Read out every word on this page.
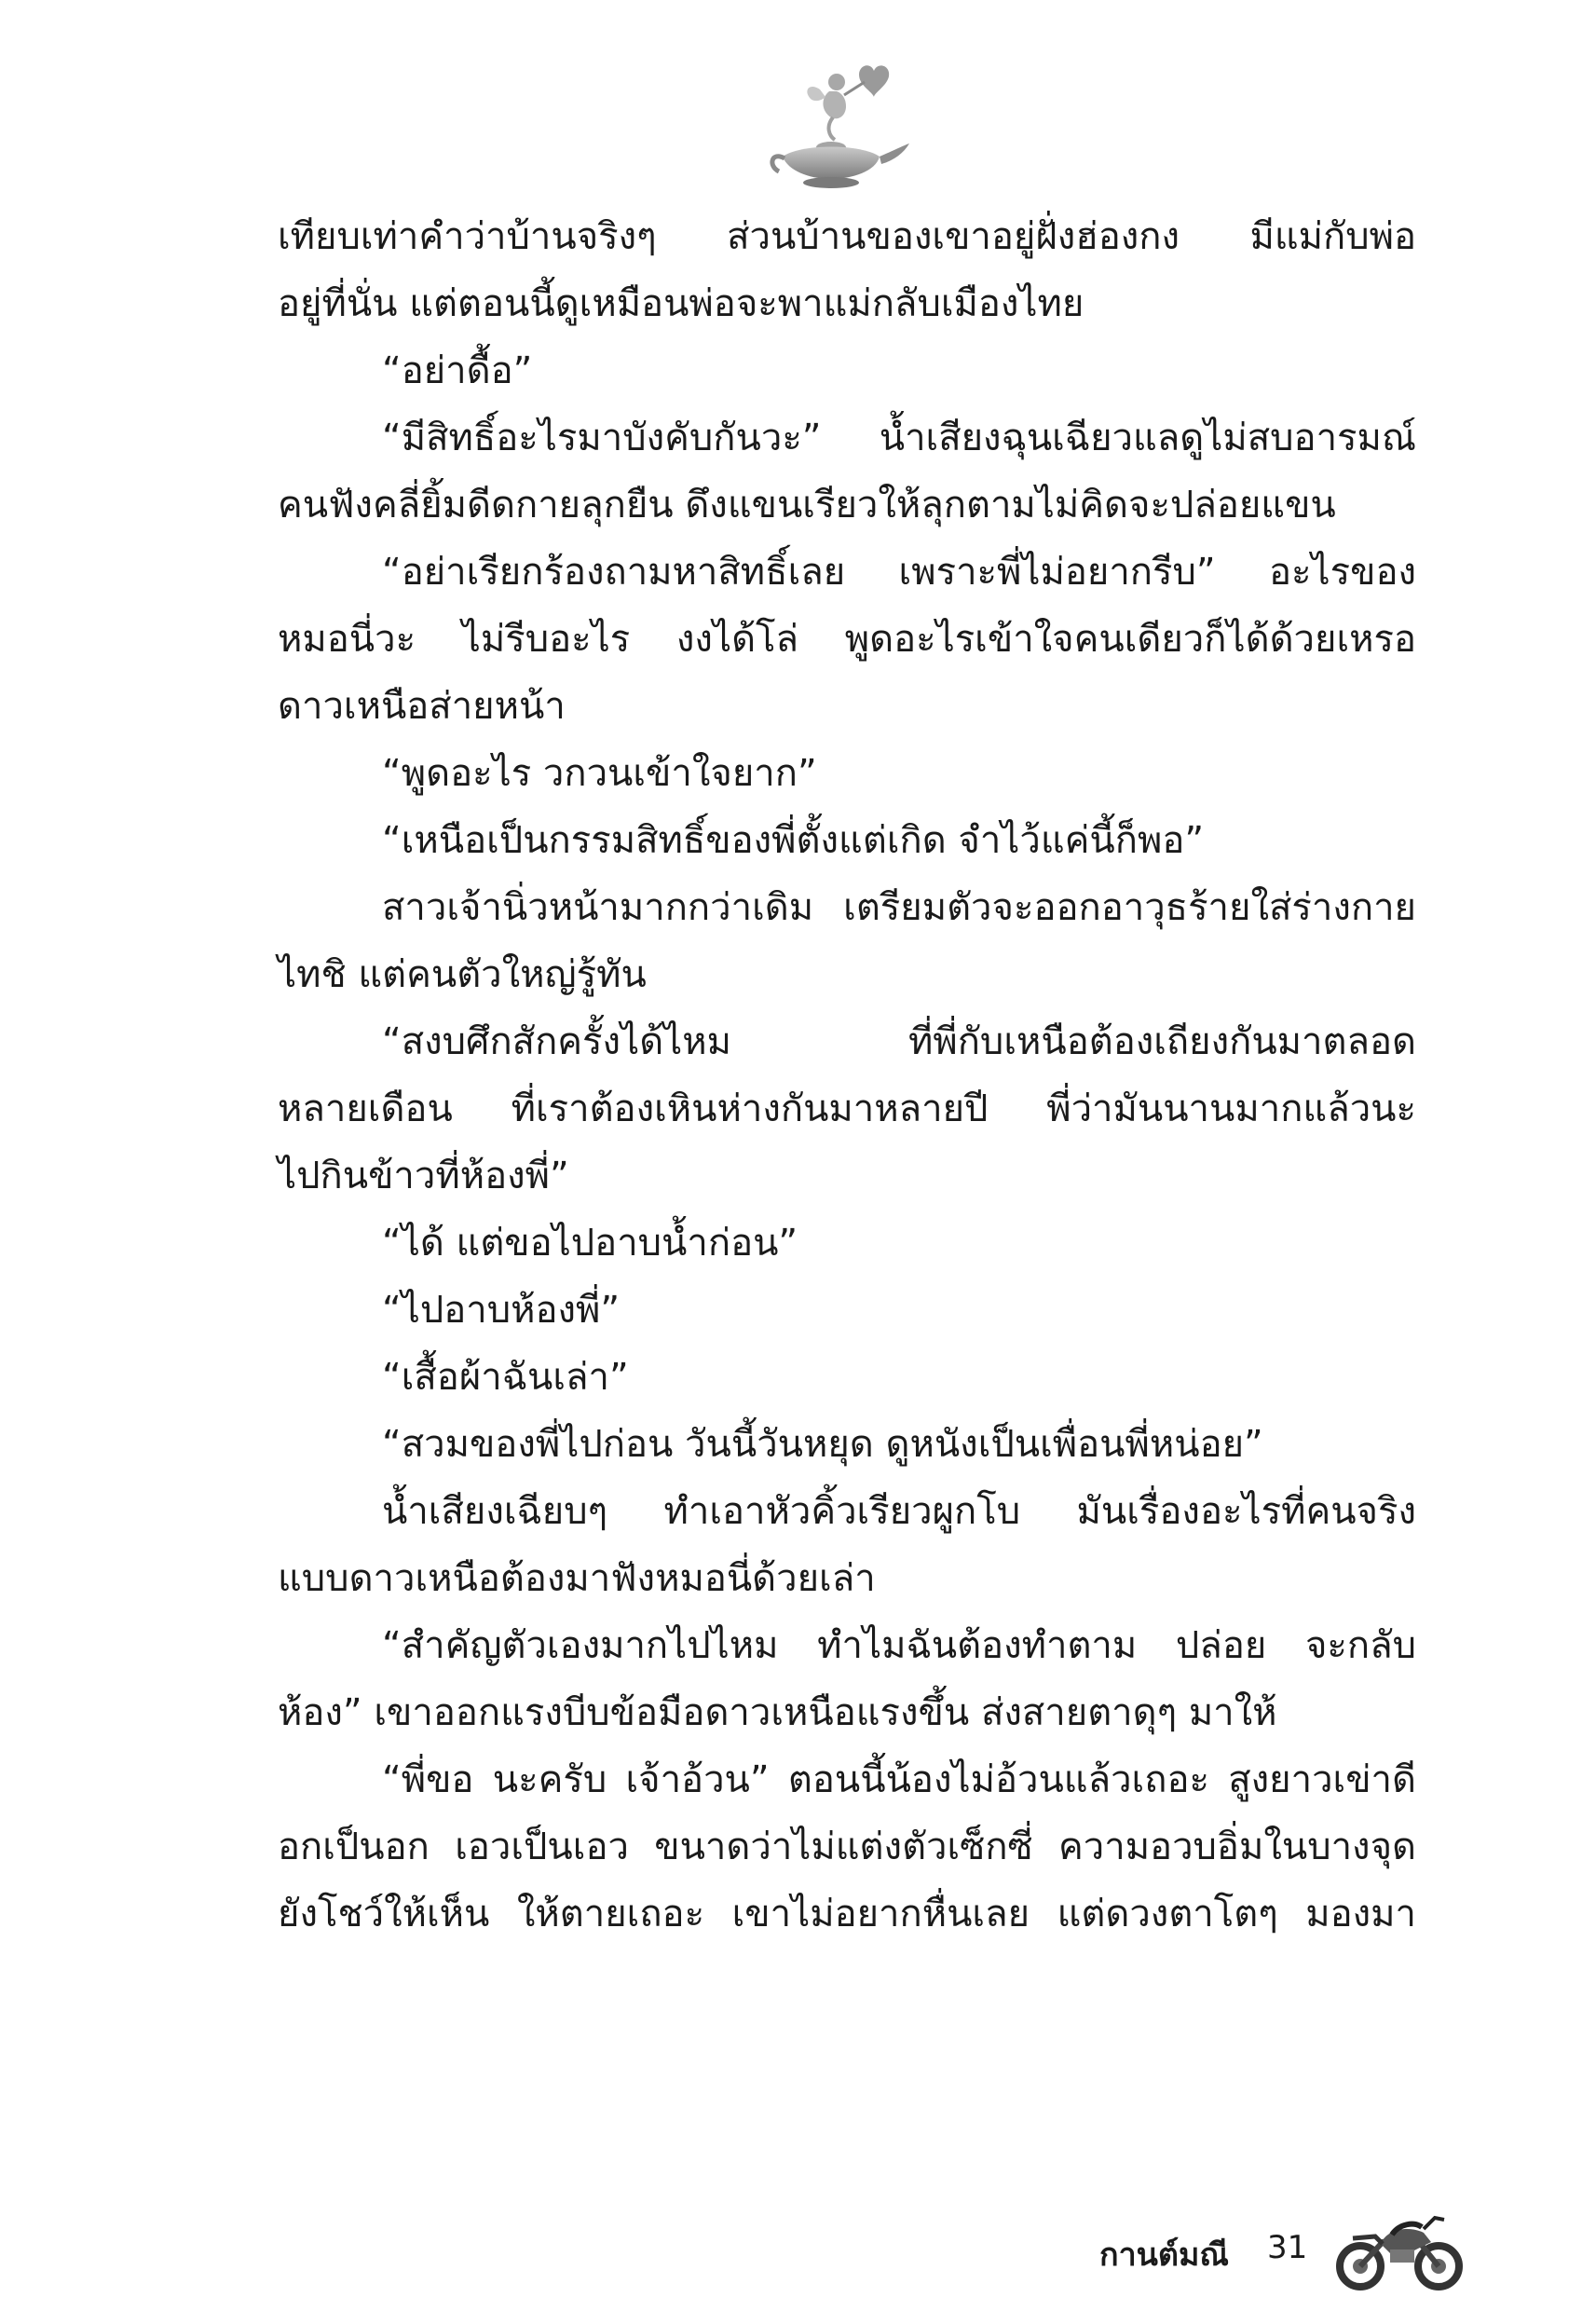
เทียบเท่าคำว่าบ้านจริงๆ ส่วนบ้านของเขาอยู่ฝั่งฮ่องกง มีแม่กับพ่อ
อยู่ที่นั่น แต่ตอนนี้ดูเหมือนพ่อจะพาแม่กลับเมืองไทย
“อย่าดื้อ”
“มีสิทธิ์อะไรมาบังคับกันวะ” น้ำเสียงฉุนเฉียวแลดูไม่สบอารมณ์
คนฟังคลี่ยิ้มดีดกายลุกยืน ดึงแขนเรียวให้ลุกตามไม่คิดจะปล่อยแขน
“อย่าเรียกร้องถามหาสิทธิ์เลย เพราะพี่ไม่อยากรีบ” อะไรของ
หมอนี่วะ ไม่รีบอะไร งงได้โล่ พูดอะไรเข้าใจคนเดียวก็ได้ด้วยเหรอ
ดาวเหนือส่ายหน้า
“พูดอะไร วกวนเข้าใจยาก”
“เหนือเป็นกรรมสิทธิ์ของพี่ตั้งแต่เกิด จำไว้แค่นี้ก็พอ”
สาวเจ้านิ่วหน้ามากกว่าเดิม เตรียมตัวจะออกอาวุธร้ายใส่ร่างกาย
ไทชิ แต่คนตัวใหญ่รู้ทัน
“สงบศึกสักครั้งได้ไหม ที่พี่กับเหนือต้องเถียงกันมาตลอด
หลายเดือน ที่เราต้องเหินห่างกันมาหลายปี พี่ว่ามันนานมากแล้วนะ
ไปกินข้าวที่ห้องพี่”
“ได้ แต่ขอไปอาบน้ำก่อน”
“ไปอาบห้องพี่”
“เสื้อผ้าฉันเล่า”
“สวมของพี่ไปก่อน วันนี้วันหยุด ดูหนังเป็นเพื่อนพี่หน่อย”
น้ำเสียงเฉียบๆ ทำเอาหัวคิ้วเรียวผูกโบ มันเรื่องอะไรที่คนจริง
แบบดาวเหนือต้องมาฟังหมอนี่ด้วยเล่า
“สำคัญตัวเองมากไปไหม ทำไมฉันต้องทำตาม ปล่อย จะกลับ
ห้อง” เขาออกแรงบีบข้อมือดาวเหนือแรงขึ้น ส่งสายตาดุๆ มาให้
“พี่ขอ นะครับ เจ้าอ้วน” ตอนนี้น้องไม่อ้วนแล้วเถอะ สูงยาวเข่าดี
อกเป็นอก เอวเป็นเอว ขนาดว่าไม่แต่งตัวเซ็กซี่ ความอวบอิ่มในบางจุด
ยังโชว์ให้เห็น ให้ตายเถอะ เขาไม่อยากหื่นเลย แต่ดวงตาโตๆ มองมา
กานต์มณี 31
